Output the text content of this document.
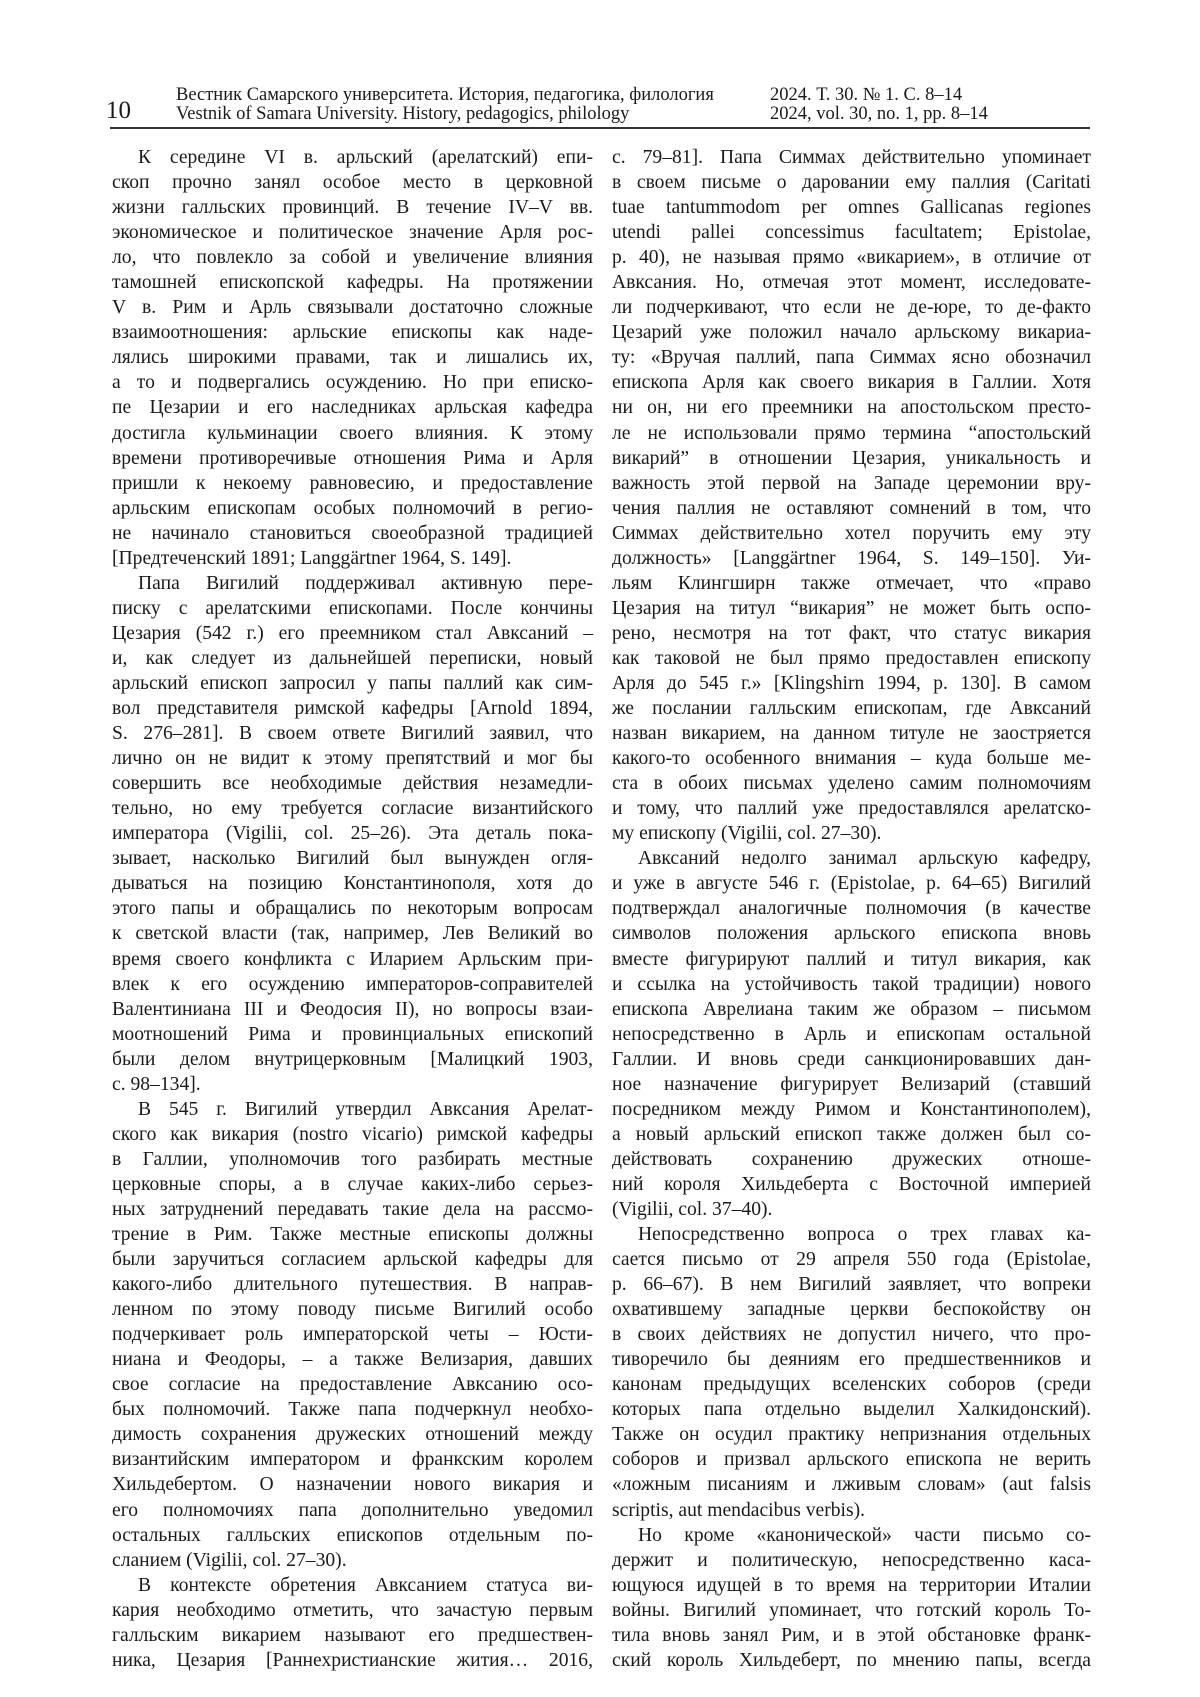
10
Вестник Самарского университета. История, педагогика, филология
Vestnik of Samara University. History, pedagogics, philology
2024. Т. 30. № 1. С. 8–14
2024, vol. 30, no. 1, pp. 8–14
К середине VI в. арльский (арелатский) епи-
скоп прочно занял особое место в церковной
жизни галльских провинций. В течение IV–V вв.
экономическое и политическое значение Арля рос-
ло, что повлекло за собой и увеличение влияния
тамошней епископской кафедры. На протяжении
V в. Рим и Арль связывали достаточно сложные
взаимоотношения: арльские епископы как наде-
лялись широкими правами, так и лишались их,
а то и подвергались осуждению. Но при еписко-
пе Цезарии и его наследниках арльская кафедра
достигла кульминации своего влияния. К этому
времени противоречивые отношения Рима и Арля
пришли к некоему равновесию, и предоставление
арльским епископам особых полномочий в регио-
не начинало становиться своеобразной традицией
[Предтеченский 1891; Langgärtner 1964, S. 149].
Папа Вигилий поддерживал активную пере-
писку с арелатскими епископами. После кончины
Цезария (542 г.) его преемником стал Авксаний –
и, как следует из дальнейшей переписки, новый
арльский епископ запросил у папы паллий как сим-
вол представителя римской кафедры [Arnold 1894,
S. 276–281]. В своем ответе Вигилий заявил, что
лично он не видит к этому препятствий и мог бы
совершить все необходимые действия незамедли-
тельно, но ему требуется согласие византийского
императора (Vigilii, col. 25–26). Эта деталь пока-
зывает, насколько Вигилий был вынужден огля-
дываться на позицию Константинополя, хотя до
этого папы и обращались по некоторым вопросам
к светской власти (так, например, Лев Великий во
время своего конфликта с Иларием Арльским при-
влек к его осуждению императоров-соправителей
Валентиниана III и Феодосия II), но вопросы взаи-
моотношений Рима и провинциальных епископий
были делом внутрицерковным [Малицкий 1903,
с. 98–134].
В 545 г. Вигилий утвердил Авксания Арелат-
ского как викария (nostro vicario) римской кафедры
в Галлии, уполномочив того разбирать местные
церковные споры, а в случае каких-либо серьез-
ных затруднений передавать такие дела на рассмо-
трение в Рим. Также местные епископы должны
были заручиться согласием арльской кафедры для
какого-либо длительного путешествия. В направ-
ленном по этому поводу письме Вигилий особо
подчеркивает роль императорской четы – Юсти-
ниана и Феодоры, – а также Велизария, давших
свое согласие на предоставление Авксанию осо-
бых полномочий. Также папа подчеркнул необхо-
димость сохранения дружеских отношений между
византийским императором и франкским королем
Хильдебертом. О назначении нового викария и
его полномочиях папа дополнительно уведомил
остальных галльских епископов отдельным по-
сланием (Vigilii, col. 27–30).
В контексте обретения Авксанием статуса ви-
кария необходимо отметить, что зачастую первым
галльским викарием называют его предшествен-
ника, Цезария [Раннехристианские жития… 2016,
с. 79–81]. Папа Симмах действительно упоминает
в своем письме о даровании ему паллия (Caritati
tuae tantummodom per omnes Gallicanas regiones
utendi pallei concessimus facultatem; Epistolae,
p. 40), не называя прямо «викарием», в отличие от
Авксания. Но, отмечая этот момент, исследовате-
ли подчеркивают, что если не де-юре, то де-факто
Цезарий уже положил начало арльскому викариа-
ту: «Вручая паллий, папа Симмах ясно обозначил
епископа Арля как своего викария в Галлии. Хотя
ни он, ни его преемники на апостольском престо-
ле не использовали прямо термина “апостольский
викарий” в отношении Цезария, уникальность и
важность этой первой на Западе церемонии вру-
чения паллия не оставляют сомнений в том, что
Симмах действительно хотел поручить ему эту
должность» [Langgärtner 1964, S. 149–150]. Уи-
льям Клингширн также отмечает, что «право
Цезария на титул “викария” не может быть оспо-
рено, несмотря на тот факт, что статус викария
как таковой не был прямо предоставлен епископу
Арля до 545 г.» [Klingshirn 1994, p. 130]. В самом
же послании галльским епископам, где Авксаний
назван викарием, на данном титуле не заостряется
какого-то особенного внимания – куда больше ме-
ста в обоих письмах уделено самим полномочиям
и тому, что паллий уже предоставлялся арелатско-
му епископу (Vigilii, col. 27–30).
Авксаний недолго занимал арльскую кафедру,
и уже в августе 546 г. (Epistolae, p. 64–65) Вигилий
подтверждал аналогичные полномочия (в качестве
символов положения арльского епископа вновь
вместе фигурируют паллий и титул викария, как
и ссылка на устойчивость такой традиции) нового
епископа Аврелиана таким же образом – письмом
непосредственно в Арль и епископам остальной
Галлии. И вновь среди санкционировавших дан-
ное назначение фигурирует Велизарий (ставший
посредником между Римом и Константинополем),
а новый арльский епископ также должен был со-
действовать сохранению дружеских отноше-
ний короля Хильдеберта с Восточной империей
(Vigilii, col. 37–40).
Непосредственно вопроса о трех главах ка-
сается письмо от 29 апреля 550 года (Epistolae,
p. 66–67). В нем Вигилий заявляет, что вопреки
охватившему западные церкви беспокойству он
в своих действиях не допустил ничего, что про-
тиворечило бы деяниям его предшественников и
канонам предыдущих вселенских соборов (среди
которых папа отдельно выделил Халкидонский).
Также он осудил практику непризнания отдельных
соборов и призвал арльского епископа не верить
«ложным писаниям и лживым словам» (aut falsis
scriptis, aut mendacibus verbis).
Но кроме «канонической» части письмо со-
держит и политическую, непосредственно каса-
ющуюся идущей в то время на территории Италии
войны. Вигилий упоминает, что готский король То-
тила вновь занял Рим, и в этой обстановке франк-
ский король Хильдеберт, по мнению папы, всегда
